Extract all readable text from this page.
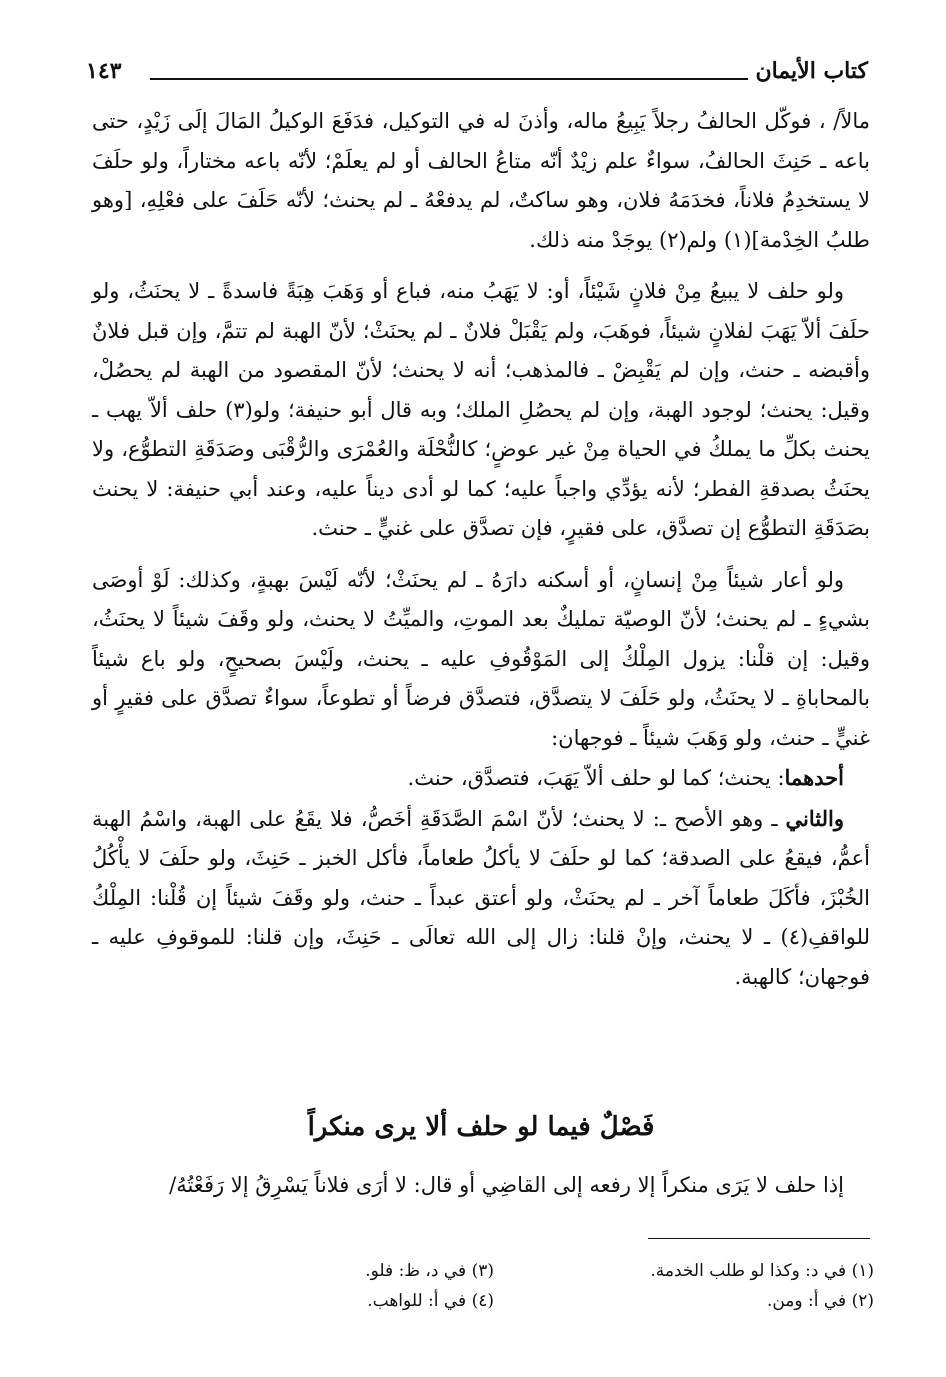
كتاب الأيمان
١٤٣

مالاً/ ، فوكّل الحالفُ رجلاً يَبِيعُ ماله، وأذنَ له في التوكيل، فدَفَعَ الوكيلُ المَالَ إلَى زَيْدٍ، حتى باعه ـ حَنِثَ الحالفُ، سواءٌ علم زيْدٌ أنّه متاعُ الحالف أو لم يعلَمْ؛ لأنّه باعه مختاراً، ولو حلَفَ لا يستخدِمُ فلاناً، فخدَمَهُ فلان، وهو ساكتٌ، لم يدفعْهُ ـ لم يحنث؛ لأنّه حَلَفَ على فعْلِهِ، [وهو طلبُ الخِدْمة](١) ولم(٢) يوجَدْ منه ذلك.

ولو حلف لا يبيعُ مِنْ فلانٍ شَيْئاً، أو: لا يَهَبُ منه، فباع أو وَهَبَ هِبَةً فاسدةً ـ لا يحنَثُ، ولو حلَفَ ألاّ يَهَبَ لفلانٍ شيئاً، فوهَبَ، ولم يَقْبَلْ فلانٌ ـ لم يحنَثْ؛ لأنّ الهبة لم تتمَّ، وإن قبل فلانٌ وأقبضه ـ حنث، وإن لم يَقْبِضْ ـ فالمذهب؛ أنه لا يحنث؛ لأنّ المقصود من الهبة لم يحصُلْ، وقيل: يحنث؛ لوجود الهبة، وإن لم يحصُلِ الملك؛ وبه قال أبو حنيفة؛ ولو(٣) حلف ألاّ يهب ـ يحنث بكلِّ ما يملكُ في الحياة مِنْ غير عوضٍ؛ كالنُّحْلَة والعُمْرَى والرُّقْبَى وصَدَقَةِ التطوُّع، ولا يحنَثُ بصدقةِ الفطر؛ لأنه يؤدِّي واجباً عليه؛ كما لو أدى ديناً عليه، وعند أبي حنيفة: لا يحنث بصَدَقَةِ التطوُّع إن تصدَّق، على فقيرٍ، فإن تصدَّق على غنيٍّ ـ حنث.

ولو أعار شيئاً مِنْ إنسانٍ، أو أسكنه دارَهُ ـ لم يحنَثْ؛ لأنّه لَيْسَ بهبةٍ، وكذلك: لَوْ أوصَى بشيءٍ ـ لم يحنث؛ لأنّ الوصيّة تمليكٌ بعد الموتِ، والميِّتُ لا يحنث، ولو وقَفَ شيئاً لا يحنَثُ، وقيل: إن قلْنا: يزول المِلْكُ إلى المَوْقُوفِ عليه ـ يحنث، ولَيْسَ بصحيحٍ، ولو باع شيئاً بالمحاباةِ ـ لا يحنَثُ، ولو حَلَفَ لا يتصدَّق، فتصدَّق فرضاً أو تطوعاً، سواءٌ تصدَّق على فقيرٍ أو غنيٍّ ـ حنث، ولو وَهَبَ شيئاً ـ فوجهان:

أحدهما: يحنث؛ كما لو حلف ألاّ يَهَبَ، فتصدَّق، حنث.

والثاني ـ وهو الأصح ـ: لا يحنث؛ لأنّ اسْمَ الصَّدَقَةِ أخَصُّ، فلا يقَعُ على الهبة، واسْمُ الهبة أعمُّ، فيقعُ على الصدقة؛ كما لو حلَفَ لا يأكلُ طعاماً، فأكل الخبز ـ حَنِثَ، ولو حلَفَ لا يأْكُلُ الخُبْزَ، فأكَلَ طعاماً آخر ـ لم يحنَثْ، ولو أعتق عبداً ـ حنث، ولو وقَفَ شيئاً إن قُلْنا: المِلْكُ للواقفِ(٤) ـ لا يحنث، وإنْ قلنا: زال إلى الله تعالَى ـ حَنِثَ، وإن قلنا: للموقوفِ عليه ـ فوجهان؛ كالهبة.

فَصْلٌ فيما لو حلف ألا يرى منكراً
إذا حلف لا يَرَى منكراً إلا رفعه إلى القاضِي أو قال: لا أرَى فلاناً يَسْرِقُ إلا رَفَعْتُهُ/
(١) في د: وكذا لو طلب الخدمة.
(٢) في أ: ومن.
(٣) في د، ظ: فلو.
(٤) في أ: للواهب.
